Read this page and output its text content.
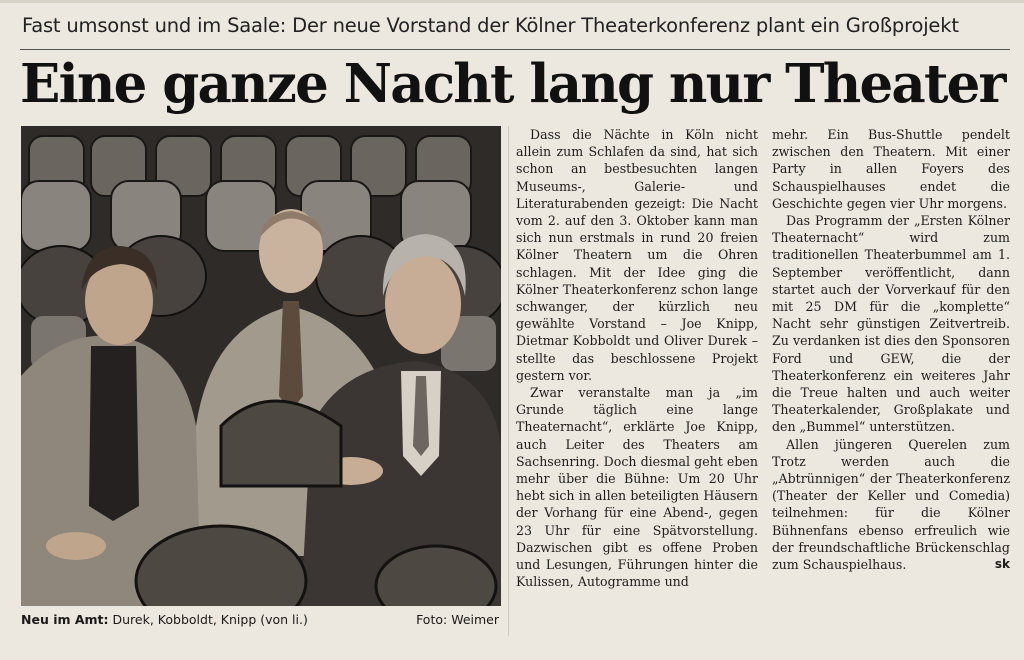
Fast umsonst und im Saale: Der neue Vorstand der Kölner Theaterkonferenz plant ein Großprojekt
Eine ganze Nacht lang nur Theater
Neu im Amt: Durek, Kobboldt, Knipp (von li.)	Foto: Weimer

Dass die Nächte in Köln nicht allein zum Schlafen da sind, hat sich schon an bestbesuchten langen Museums-, Galerie- und Literaturabenden gezeigt: Die Nacht vom 2. auf den 3. Oktober kann man sich nun erstmals in rund 20 freien Kölner Theatern um die Ohren schlagen. Mit der Idee ging die Kölner Theaterkonferenz schon lange schwanger, der kürzlich neu gewählte Vorstand – Joe Knipp, Dietmar Kobboldt und Oliver Durek – stellte das beschlossene Projekt gestern vor.

Zwar veranstalte man ja „im Grunde täglich eine lange Theaternacht“, erklärte Joe Knipp, auch Leiter des Theaters am Sachsenring. Doch diesmal geht eben mehr über die Bühne: Um 20 Uhr hebt sich in allen beteiligten Häusern der Vorhang für eine Abend-, gegen 23 Uhr für eine Spätvorstellung. Dazwischen gibt es offene Proben und Lesungen, Führungen hinter die Kulissen, Autogramme und

mehr. Ein Bus-Shuttle pendelt zwischen den Theatern. Mit einer Party in allen Foyers des Schauspielhauses endet die Geschichte gegen vier Uhr morgens.

Das Programm der „Ersten Kölner Theaternacht“ wird zum traditionellen Theaterbummel am 1. September veröffentlicht, dann startet auch der Vorverkauf für den mit 25 DM für die „komplette“ Nacht sehr günstigen Zeitvertreib. Zu verdanken ist dies den Sponsoren Ford und GEW, die der Theaterkonferenz ein weiteres Jahr die Treue halten und auch weiter Theaterkalender, Großplakate und den „Bummel“ unterstützen.

Allen jüngeren Querelen zum Trotz werden auch die „Abtrünnigen“ der Theaterkonferenz (Theater der Keller und Comedia) teilnehmen: für die Kölner Bühnenfans ebenso erfreulich wie der freundschaftliche Brückenschlag zum Schauspielhaus.	sk
